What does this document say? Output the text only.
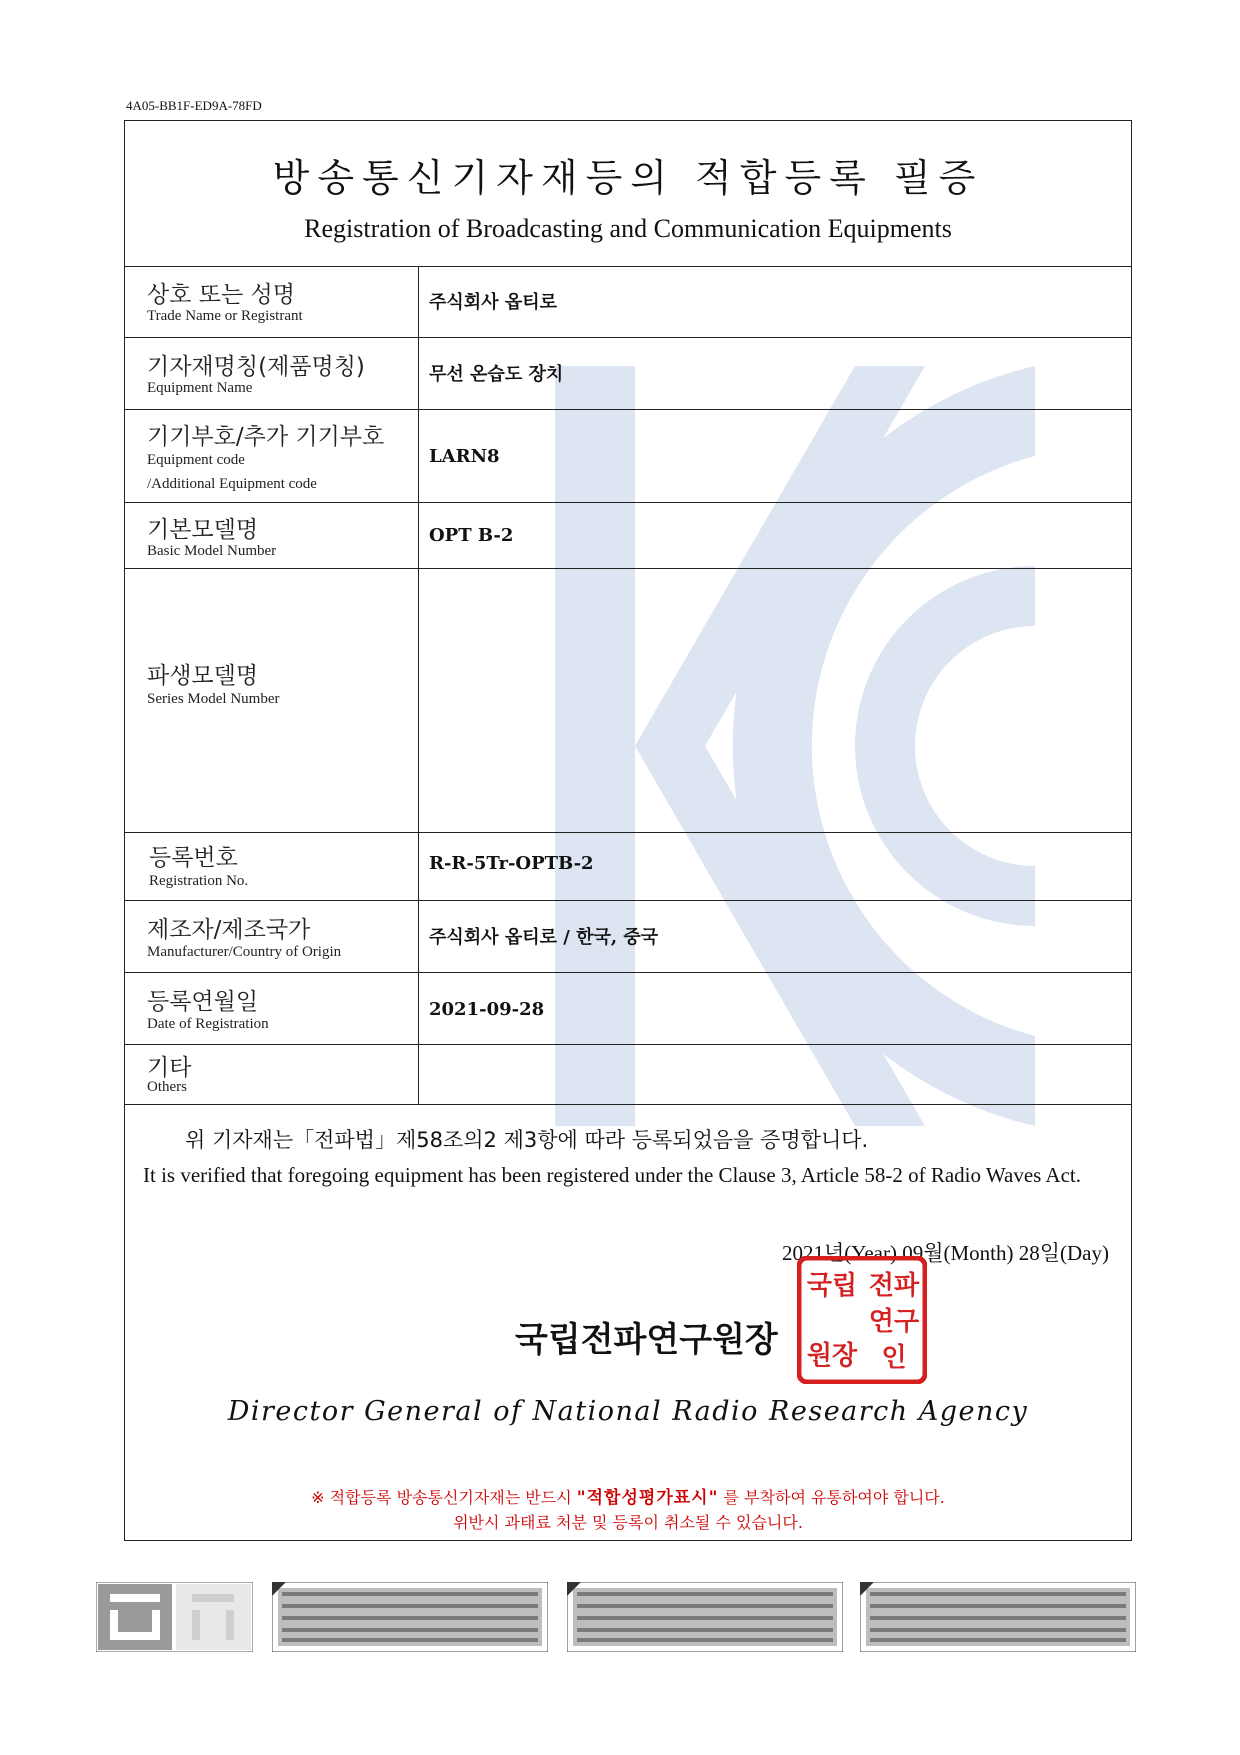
4A05-BB1F-ED9A-78FD
방송통신기자재등의 적합등록 필증
Registration of Broadcasting and Communication Equipments
상호 또는 성명
Trade Name or Registrant
주식회사 옵티로
기자재명칭(제품명칭)
Equipment Name
무선 온습도 장치
기기부호/추가 기기부호
Equipment code
/Additional Equipment code
LARN8
기본모델명
Basic Model Number
OPT B-2
파생모델명
Series Model Number
등록번호
Registration No.
R-R-5Tr-OPTB-2
제조자/제조국가
Manufacturer/Country of Origin
주식회사 옵티로 / 한국, 중국
등록연월일
Date of Registration
2021-09-28
기타
Others
위 기자재는「전파법」제58조의2 제3항에 따라 등록되었음을 증명합니다.
It is verified that foregoing equipment has been registered under the Clause 3, Article 58-2 of Radio Waves Act.
2021년(Year) 09월(Month) 28일(Day)
국립전파연구원장
국립 전파
연구
원장 인
Director General of National Radio Research Agency
※ 적합등록 방송통신기자재는 반드시 "적합성평가표시" 를 부착하여 유통하여야 합니다.
위반시 과태료 처분 및 등록이 취소될 수 있습니다.
